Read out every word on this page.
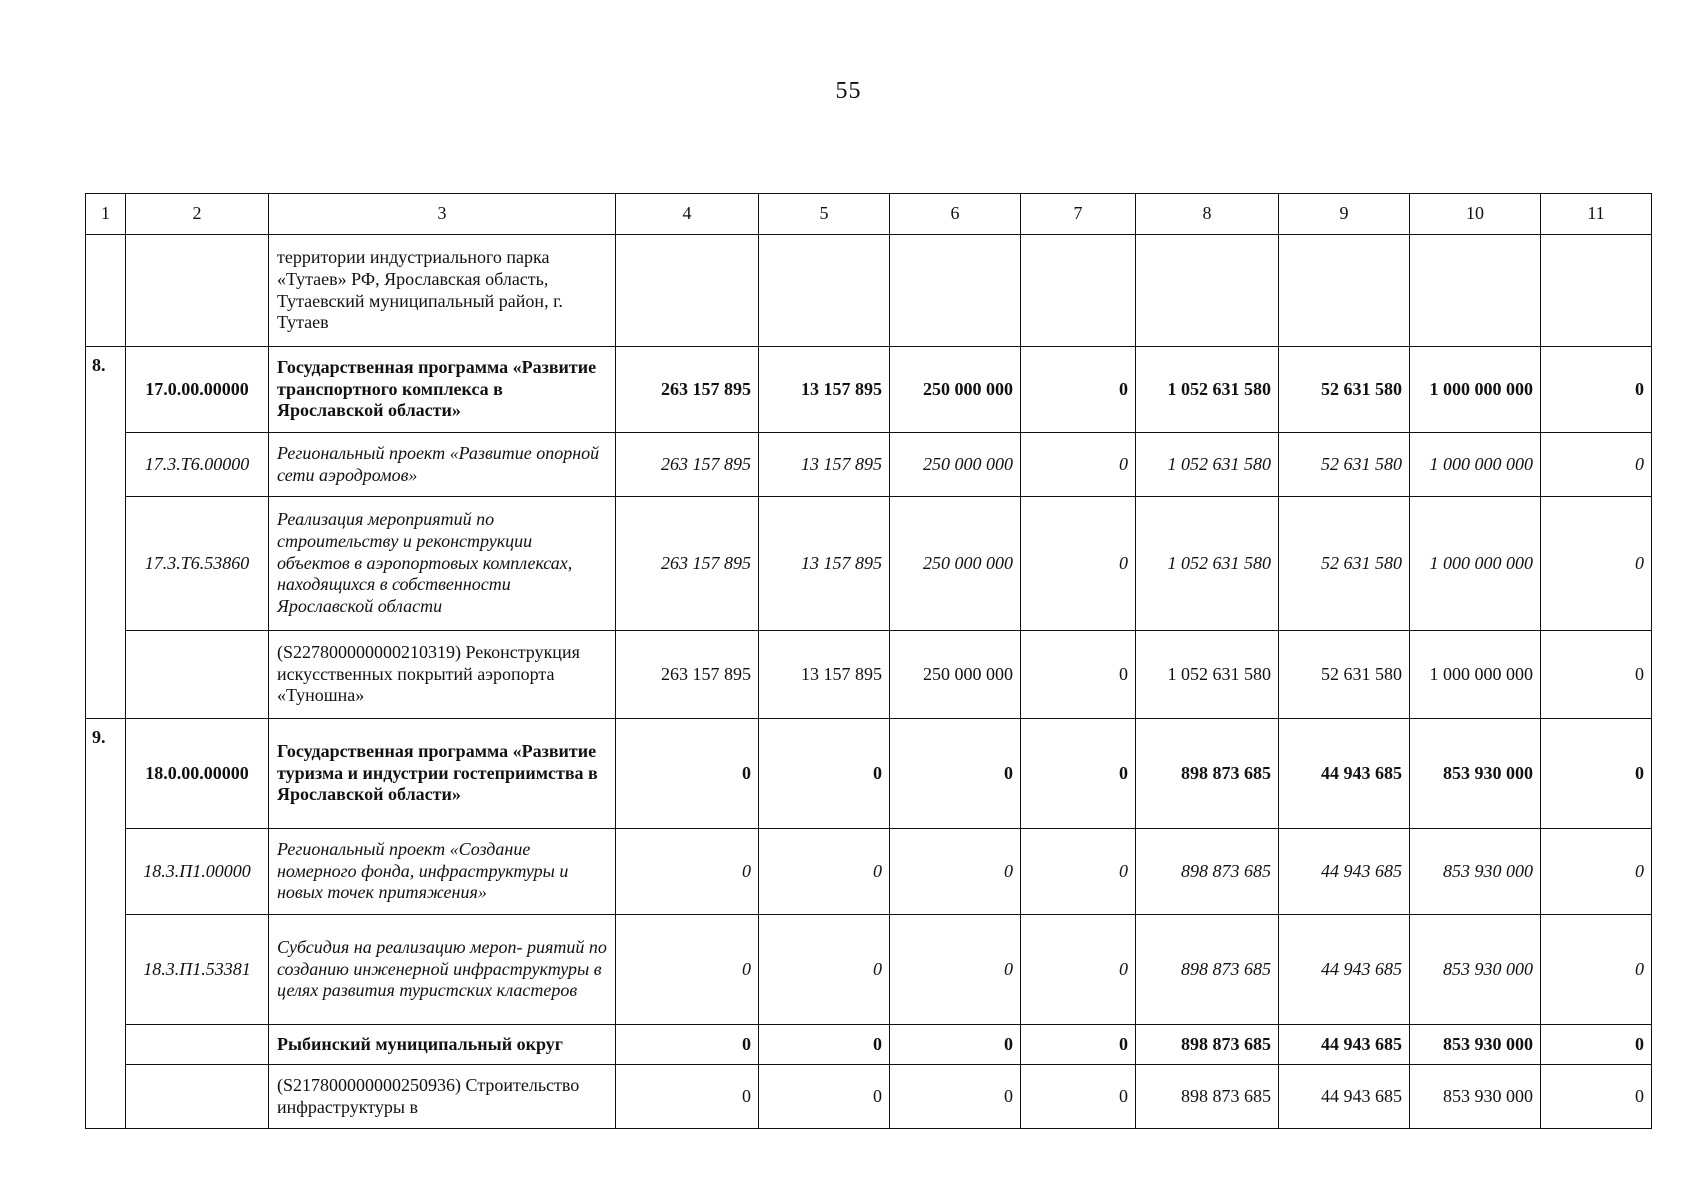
55
1	2	3	4	5	6	7	8	9	10	11
		территории индустриального парка «Тутаев» РФ, Ярославская область, Тутаевский муниципальный район, г. Тутаев								
8.	17.0.00.00000	Государственная программа «Развитие транспортного комплекса в Ярославской области»	263 157 895	13 157 895	250 000 000	0	1 052 631 580	52 631 580	1 000 000 000	0
	17.3.Т6.00000	Региональный проект «Развитие опорной сети аэродромов»	263 157 895	13 157 895	250 000 000	0	1 052 631 580	52 631 580	1 000 000 000	0
	17.3.Т6.53860	Реализация мероприятий по строительству и реконструкции объектов в аэропортовых комплексах, находящихся в собственности Ярославской области	263 157 895	13 157 895	250 000 000	0	1 052 631 580	52 631 580	1 000 000 000	0
		(S227800000000210319) Реконструкция искусственных покрытий аэропорта «Туношна»	263 157 895	13 157 895	250 000 000	0	1 052 631 580	52 631 580	1 000 000 000	0
9.	18.0.00.00000	Государственная программа «Развитие туризма и индустрии гостеприимства в Ярославской области»	0	0	0	0	898 873 685	44 943 685	853 930 000	0
	18.3.П1.00000	Региональный проект «Создание номерного фонда, инфраструктуры и новых точек притяжения»	0	0	0	0	898 873 685	44 943 685	853 930 000	0
	18.3.П1.53381	Субсидия на реализацию мероп- риятий по созданию инженерной инфраструктуры в целях развития туристских кластеров	0	0	0	0	898 873 685	44 943 685	853 930 000	0
		Рыбинский муниципальный округ	0	0	0	0	898 873 685	44 943 685	853 930 000	0
		(S217800000000250936) Строительство инфраструктуры в	0	0	0	0	898 873 685	44 943 685	853 930 000	0
